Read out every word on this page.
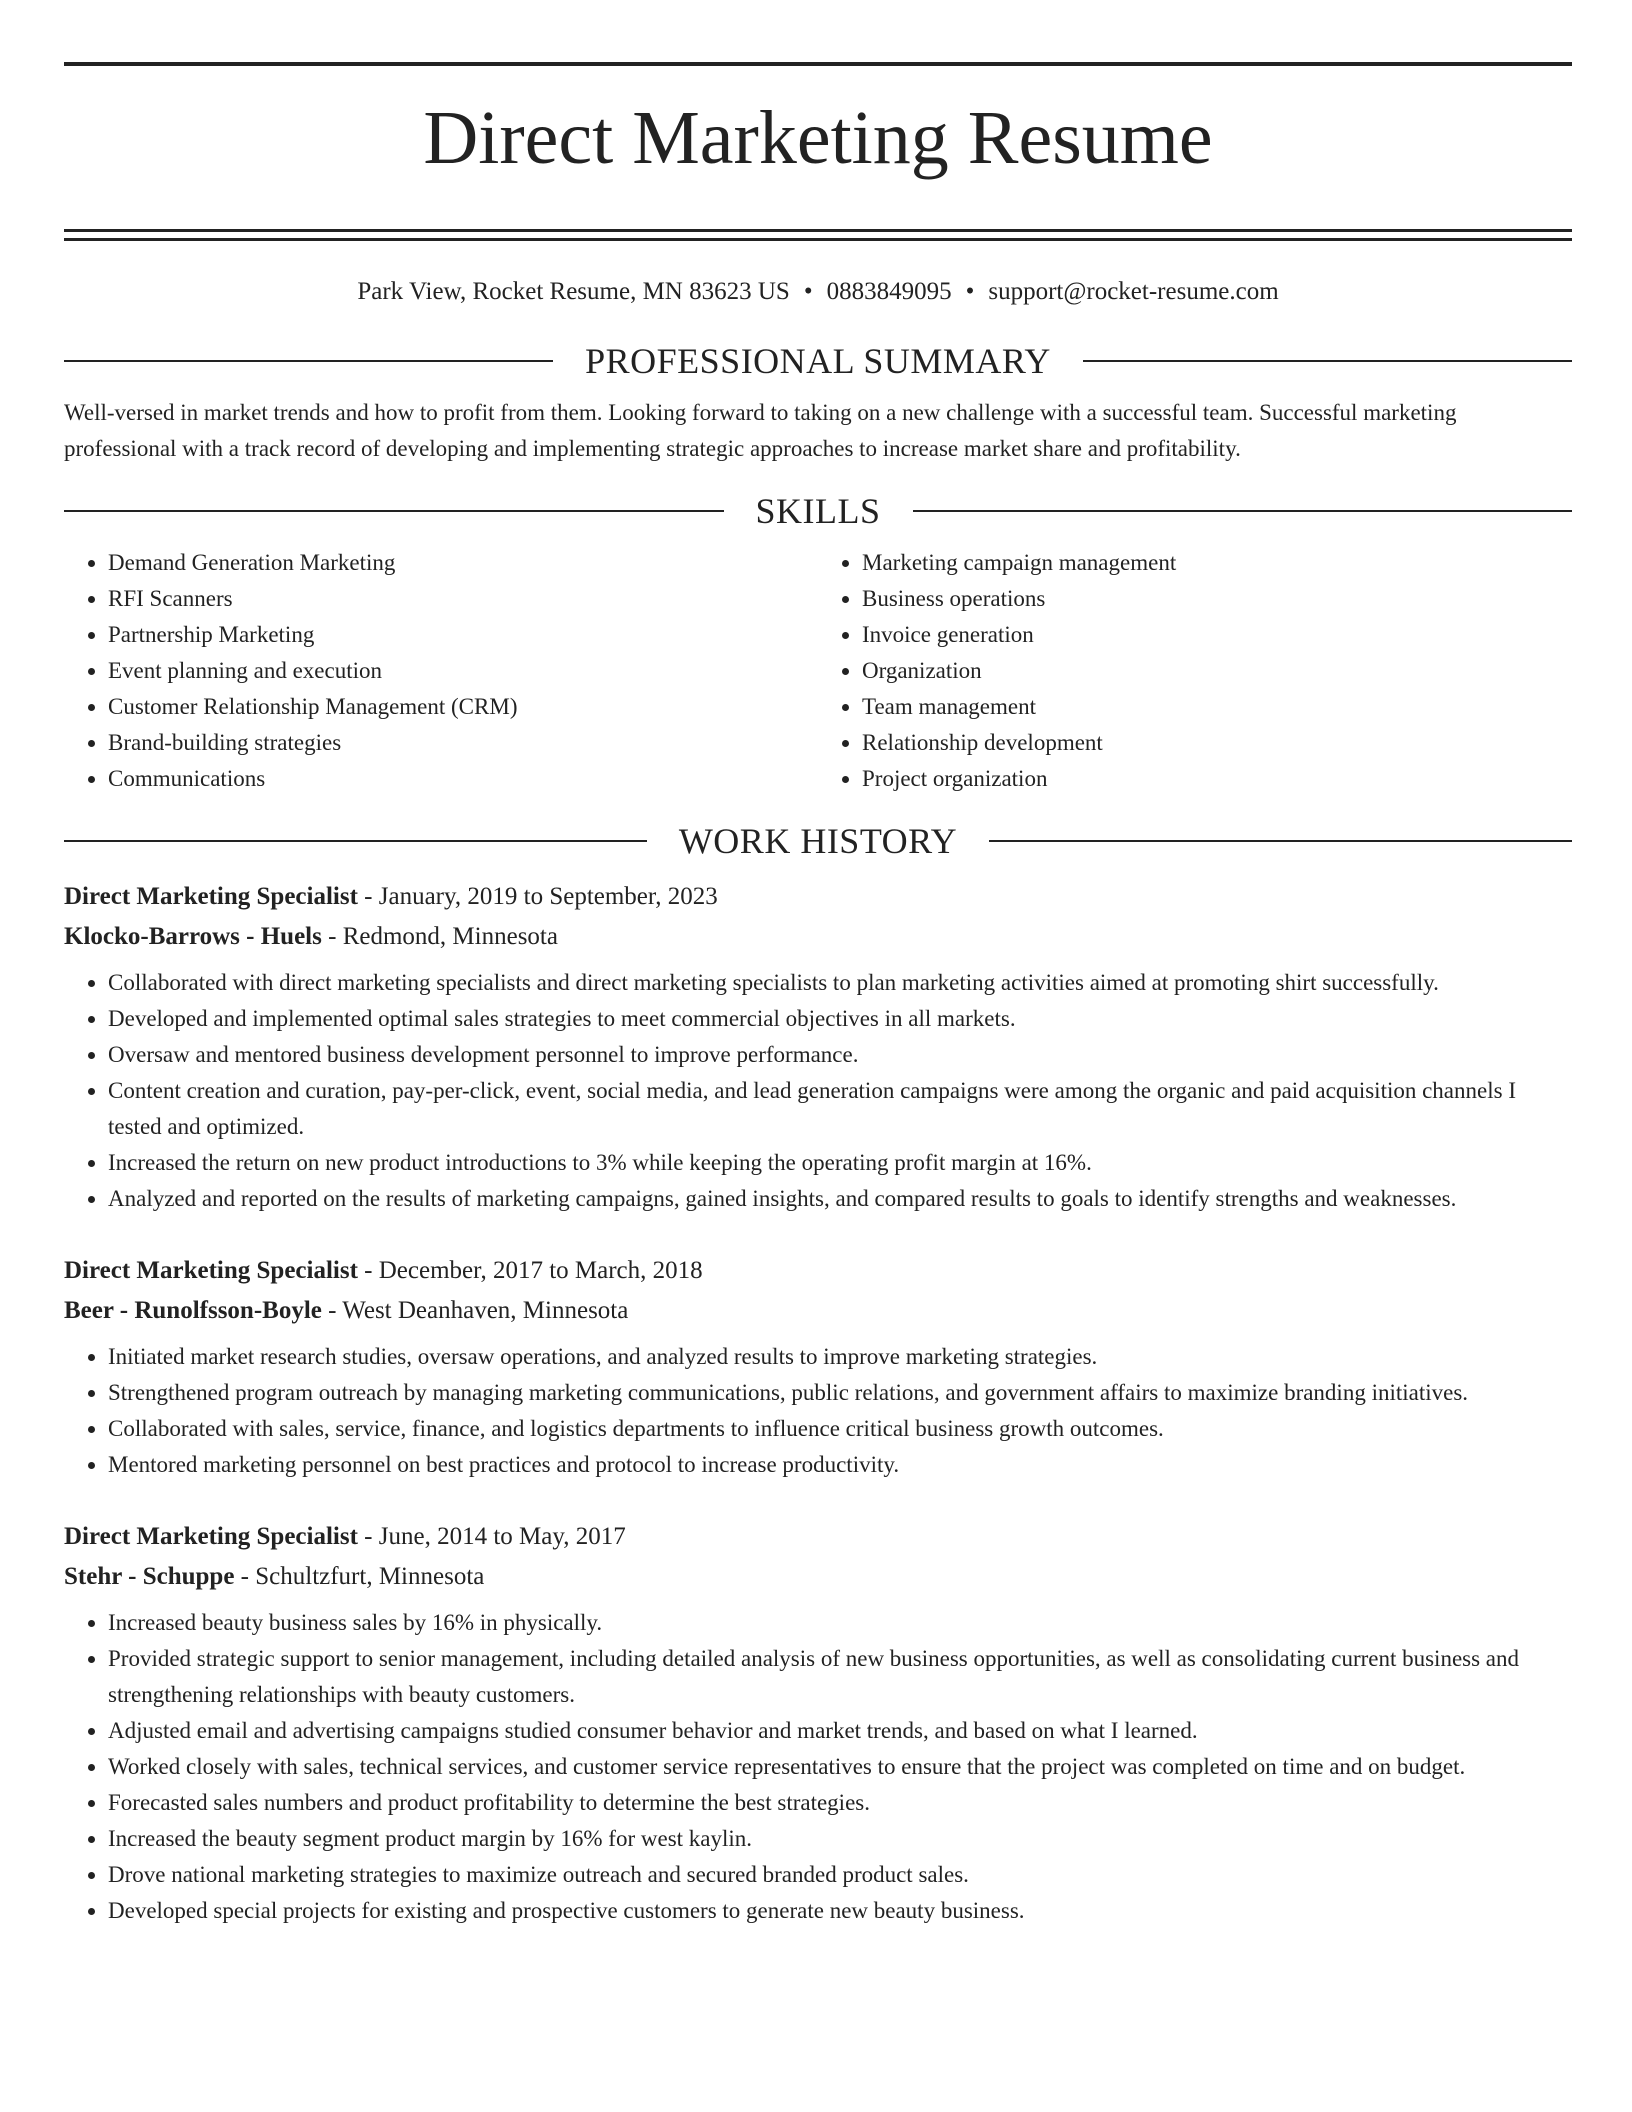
Direct Marketing Resume
Park View, Rocket Resume, MN 83623 US • 0883849095 • support@rocket-resume.com
PROFESSIONAL SUMMARY
Well-versed in market trends and how to profit from them. Looking forward to taking on a new challenge with a successful team. Successful marketing professional with a track record of developing and implementing strategic approaches to increase market share and profitability.
SKILLS
• Demand Generation Marketing
• RFI Scanners
• Partnership Marketing
• Event planning and execution
• Customer Relationship Management (CRM)
• Brand-building strategies
• Communications
• Marketing campaign management
• Business operations
• Invoice generation
• Organization
• Team management
• Relationship development
• Project organization
WORK HISTORY
Direct Marketing Specialist - January, 2019 to September, 2023
Klocko-Barrows - Huels - Redmond, Minnesota
• Collaborated with direct marketing specialists and direct marketing specialists to plan marketing activities aimed at promoting shirt successfully.
• Developed and implemented optimal sales strategies to meet commercial objectives in all markets.
• Oversaw and mentored business development personnel to improve performance.
• Content creation and curation, pay-per-click, event, social media, and lead generation campaigns were among the organic and paid acquisition channels I tested and optimized.
• Increased the return on new product introductions to 3% while keeping the operating profit margin at 16%.
• Analyzed and reported on the results of marketing campaigns, gained insights, and compared results to goals to identify strengths and weaknesses.
Direct Marketing Specialist - December, 2017 to March, 2018
Beer - Runolfsson-Boyle - West Deanhaven, Minnesota
• Initiated market research studies, oversaw operations, and analyzed results to improve marketing strategies.
• Strengthened program outreach by managing marketing communications, public relations, and government affairs to maximize branding initiatives.
• Collaborated with sales, service, finance, and logistics departments to influence critical business growth outcomes.
• Mentored marketing personnel on best practices and protocol to increase productivity.
Direct Marketing Specialist - June, 2014 to May, 2017
Stehr - Schuppe - Schultzfurt, Minnesota
• Increased beauty business sales by 16% in physically.
• Provided strategic support to senior management, including detailed analysis of new business opportunities, as well as consolidating current business and strengthening relationships with beauty customers.
• Adjusted email and advertising campaigns studied consumer behavior and market trends, and based on what I learned.
• Worked closely with sales, technical services, and customer service representatives to ensure that the project was completed on time and on budget.
• Forecasted sales numbers and product profitability to determine the best strategies.
• Increased the beauty segment product margin by 16% for west kaylin.
• Drove national marketing strategies to maximize outreach and secured branded product sales.
• Developed special projects for existing and prospective customers to generate new beauty business.
